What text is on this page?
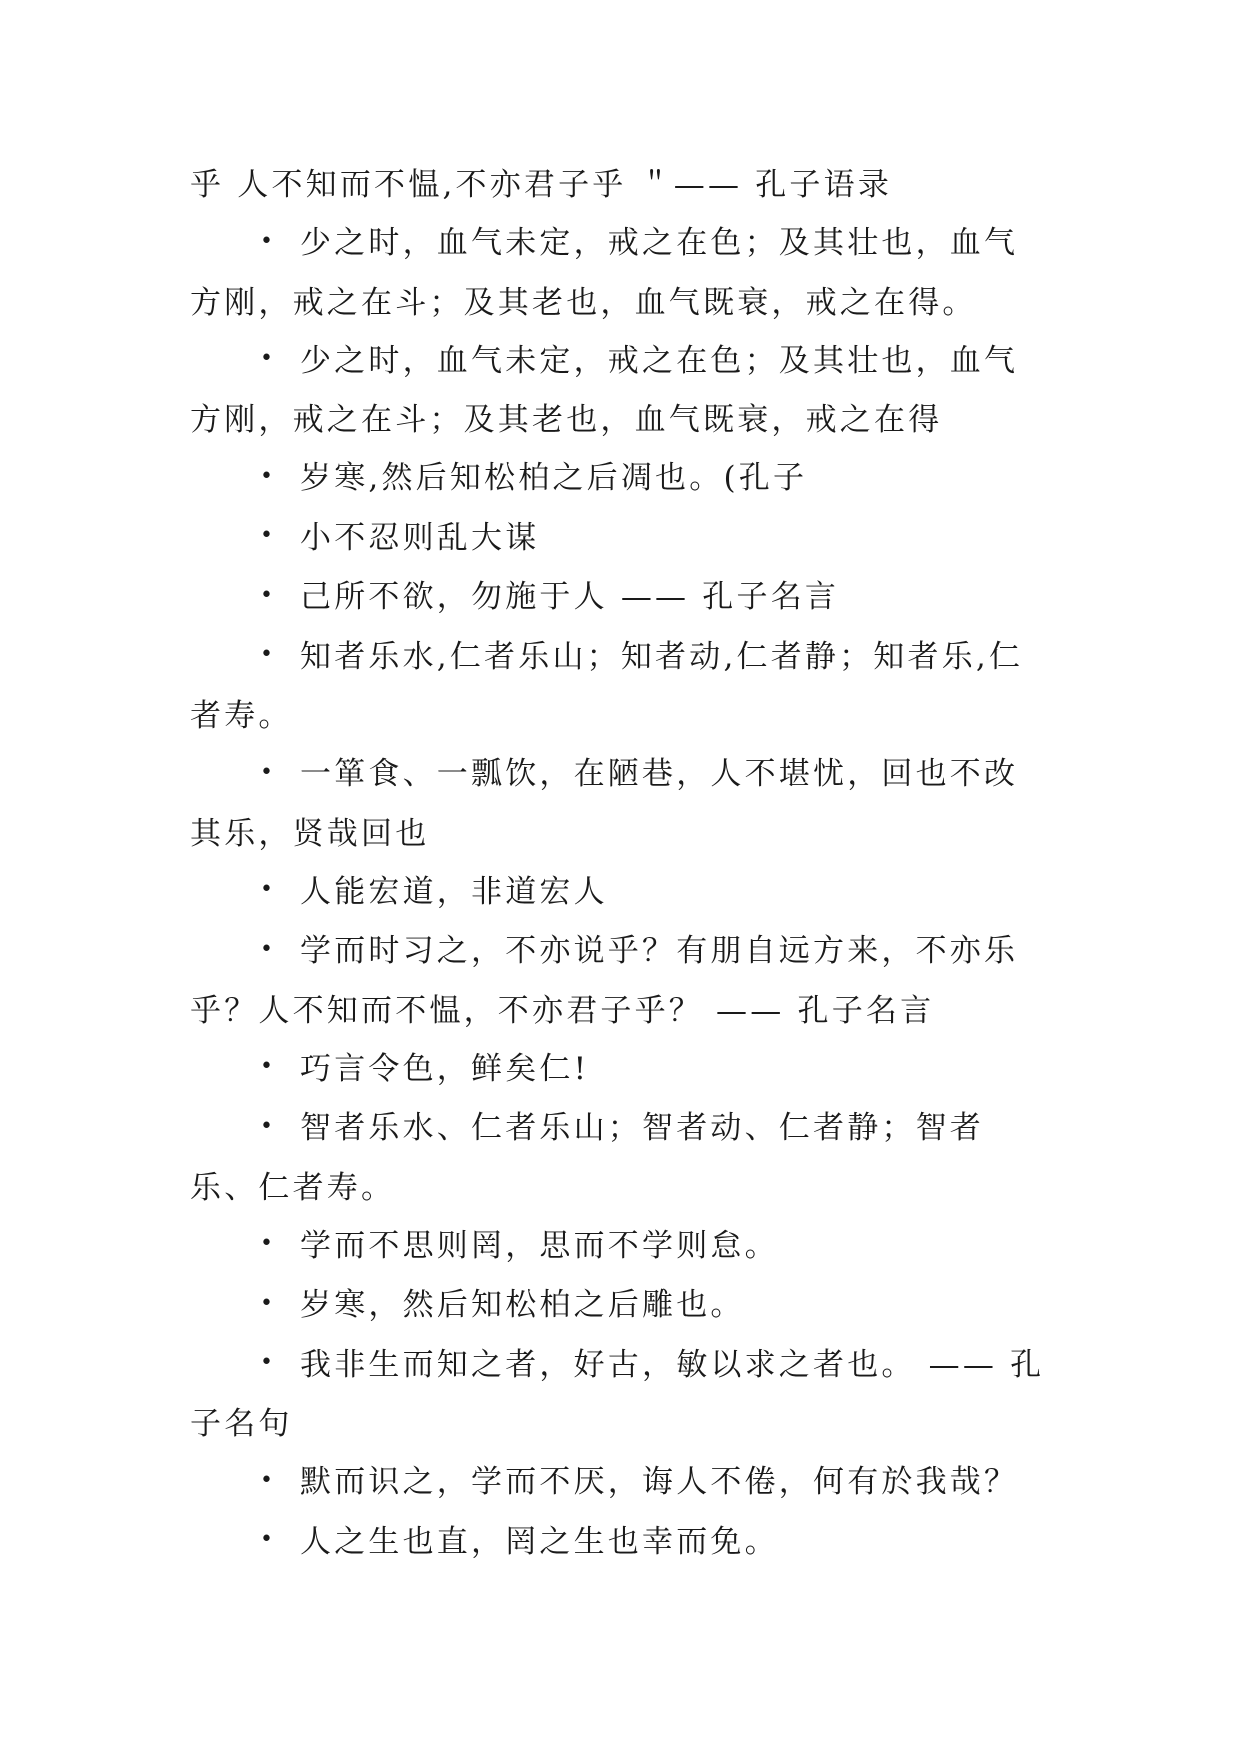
乎 人不知而不愠,不亦君子乎 ＂—— 孔子语录

• 少之时，血气未定，戒之在色；及其壮也，血气方刚，戒之在斗；及其老也，血气既衰，戒之在得。

• 少之时，血气未定，戒之在色；及其壮也，血气方刚，戒之在斗；及其老也，血气既衰，戒之在得

• 岁寒,然后知松柏之后凋也。(孔子

• 小不忍则乱大谋

• 己所不欲，勿施于人 —— 孔子名言

• 知者乐水,仁者乐山；知者动,仁者静；知者乐,仁者寿。

• 一箪食、一瓢饮，在陋巷，人不堪忧，回也不改其乐，贤哉回也

• 人能宏道，非道宏人

• 学而时习之，不亦说乎？有朋自远方来，不亦乐乎？人不知而不愠，不亦君子乎？ —— 孔子名言

• 巧言令色，鲜矣仁!

• 智者乐水、仁者乐山；智者动、仁者静；智者乐、仁者寿。

• 学而不思则罔，思而不学则怠。

• 岁寒，然后知松柏之后雕也。

• 我非生而知之者，好古，敏以求之者也。 —— 孔子名句

• 默而识之，学而不厌，诲人不倦，何有於我哉？

• 人之生也直，罔之生也幸而免。
